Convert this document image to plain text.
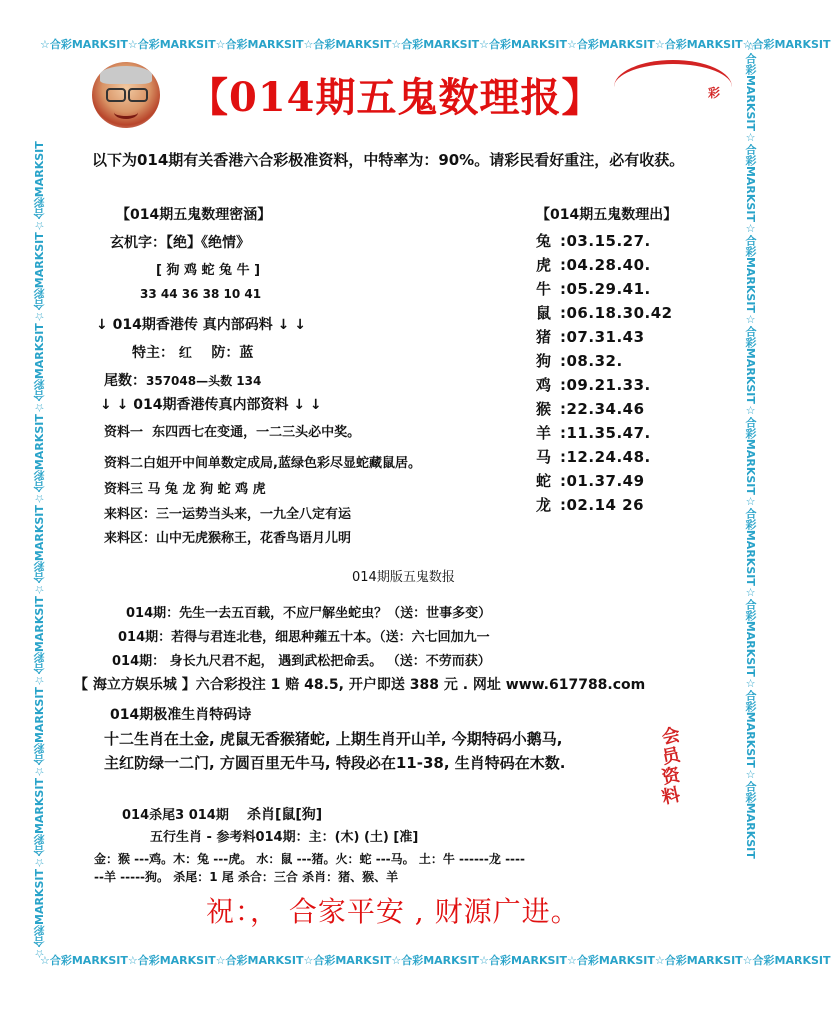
☆合彩MARKSIT☆合彩MARKSIT☆合彩MARKSIT☆合彩MARKSIT☆合彩MARKSIT☆合彩MARKSIT☆合彩MARKSIT☆合彩MARKSIT☆合彩MARKSIT
☆合彩MARKSIT☆合彩MARKSIT☆合彩MARKSIT☆合彩MARKSIT☆合彩MARKSIT☆合彩MARKSIT☆合彩MARKSIT☆合彩MARKSIT☆合彩MARKSIT
☆合彩MARKSIT☆合彩MARKSIT☆合彩MARKSIT☆合彩MARKSIT☆合彩MARKSIT☆合彩MARKSIT☆合彩MARKSIT☆合彩MARKSIT☆合彩MARKSIT	☆合彩MARKSIT☆合彩MARKSIT☆合彩MARKSIT☆合彩MARKSIT☆合彩MARKSIT☆合彩MARKSIT☆合彩MARKSIT☆合彩MARKSIT☆合彩MARKSIT
【014期五鬼数理报】	彩
以下为014期有关香港六合彩极准资料，中特率为：90%。请彩民看好重注，必有收获。
【014期五鬼数理密涵】
玄机字：【绝】《绝情》
[ 狗 鸡 蛇 兔 牛 ]
33 44 36 38 10 41
↓ 014期香港传 真内部码料 ↓ ↓
特主： 红 防：蓝
尾数：357048—头数 134
↓ ↓ 014期香港传真内部资料 ↓ ↓
资料一 东四西七在变通，一二三头必中奖。
资料二白姐开中间单数定成局,蓝绿色彩尽显蛇藏鼠居。
资料三 马 兔 龙 狗 蛇 鸡 虎
来料区：三一运势当头来，一九全八定有运
来料区：山中无虎猴称王，花香鸟语月儿明
【014期五鬼数理出】
兔 :03.15.27.
虎 :04.28.40.
牛 :05.29.41.
鼠 :06.18.30.42
猪 :07.31.43
狗 :08.32.
鸡 :09.21.33.
猴 :22.34.46
羊 :11.35.47.
马 :12.24.48.
蛇 :01.37.49
龙 :02.14 26
014期版五鬼数报
014期：先生一去五百载，不应尸解坐蛇虫？（送：世事多变）
014期：若得与君连北巷，细思种蕹五十本。（送：六七回加九一
014期： 身长九尺君不起， 遇到武松把命丢。 （送：不劳而获）
【 海立方娱乐城 】六合彩投注 1 赔 48.5, 开户即送 388 元 . 网址 www.617788.com
014期极准生肖特码诗
十二生肖在土金, 虎鼠无香猴猪蛇, 上期生肖开山羊, 今期特码小鹅马,
主红防绿一二门, 方圆百里无牛马, 特段必在11-38, 生肖特码在木数.
会
员
资
料
014杀尾3 014期 杀肖[鼠[狗]
五行生肖 - 参考料014期：主：(木) (土) [准]
金：猴 ---鸡。木：兔 ---虎。 水：鼠 ---猪。火：蛇 ---马。 土：牛 ------龙 ----
--羊 -----狗。 杀尾：1 尾 杀合：三合 杀肖：猪、猴、羊
祝：， 合家平安 , 财源广进。
